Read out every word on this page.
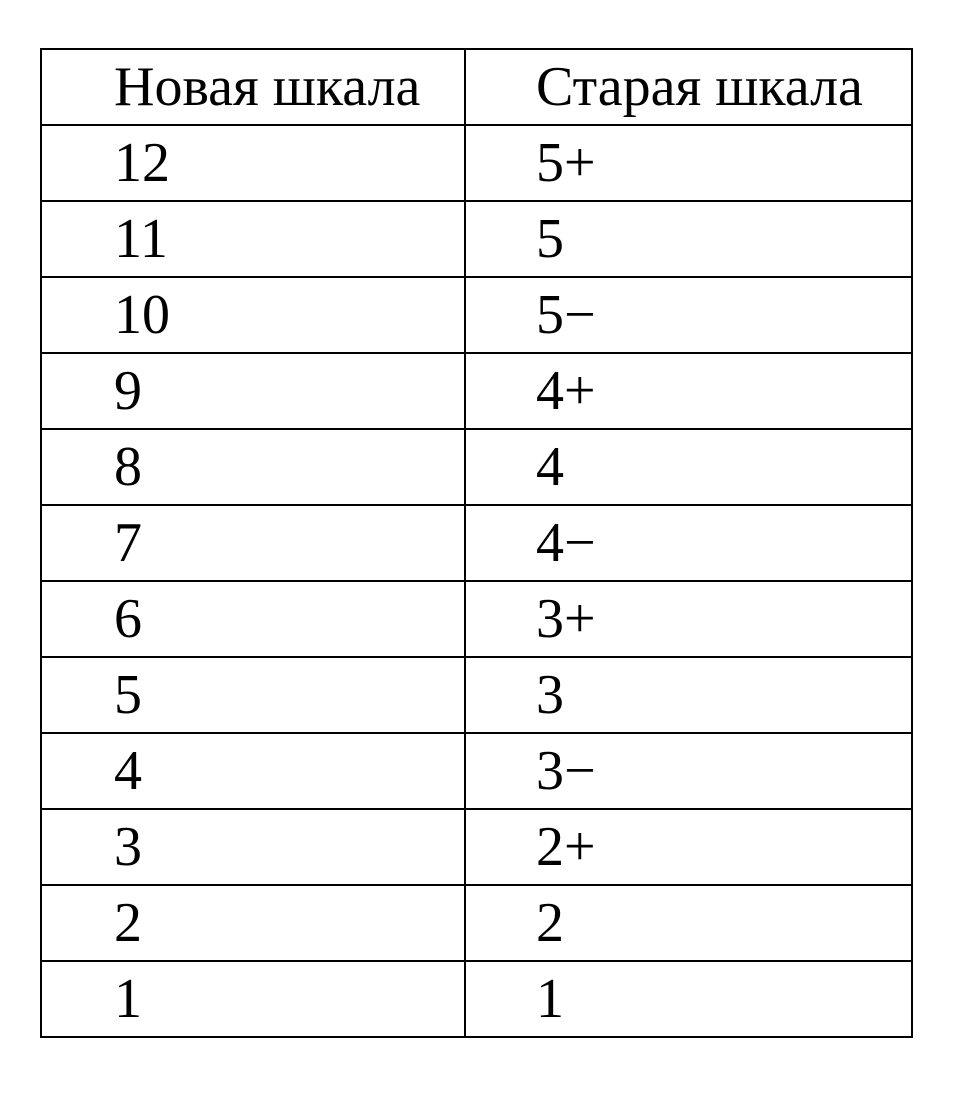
Новая шкала	Старая шкала
12	5+
11	5
10	5−
9	4+
8	4
7	4−
6	3+
5	3
4	3−
3	2+
2	2
1	1
